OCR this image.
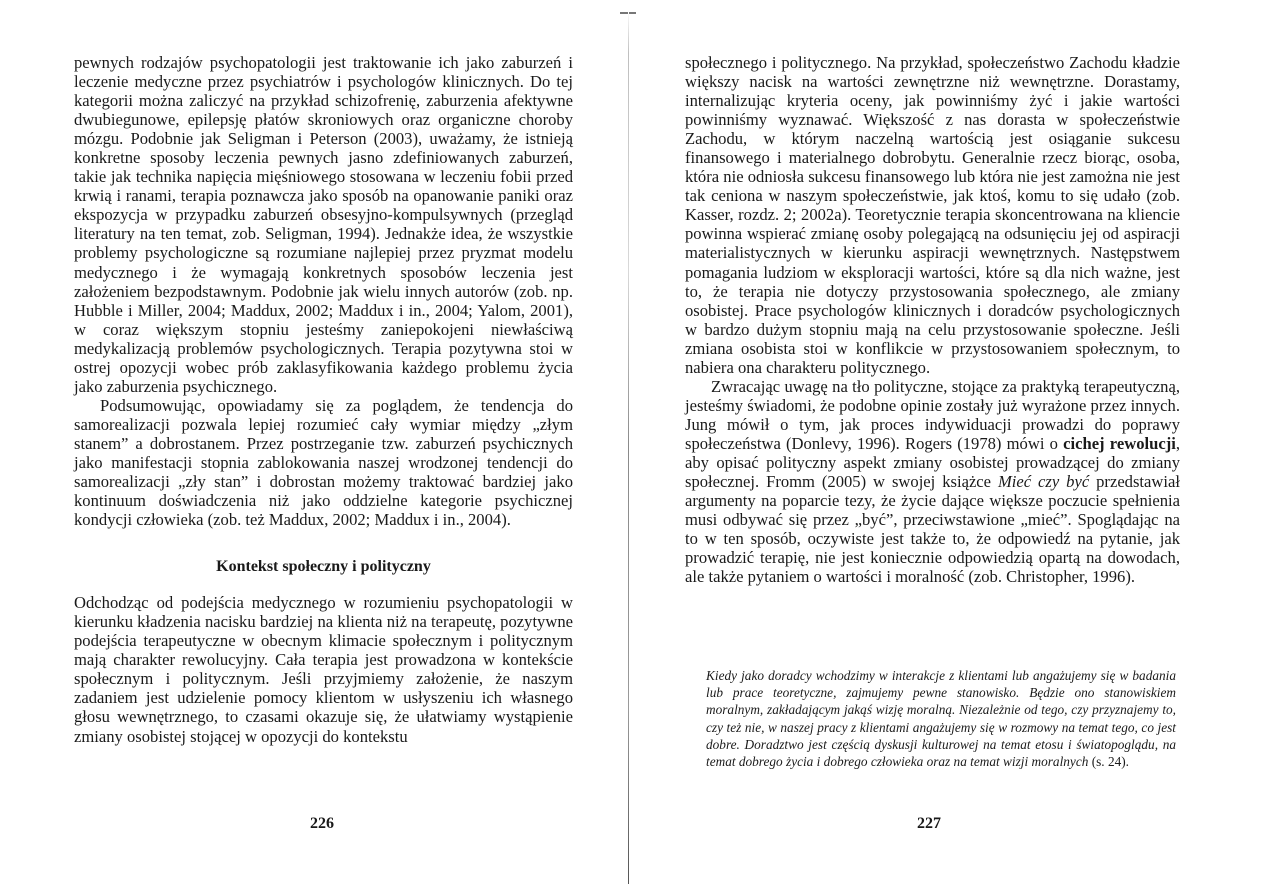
pewnych rodzajów psychopatologii jest traktowanie ich jako zaburzeń i leczenie medyczne przez psychiatrów i psychologów klinicznych. Do tej kategorii można zaliczyć na przykład schizofrenię, zaburzenia afektywne dwubiegunowe, epilepsję płatów skroniowych oraz organiczne choroby mózgu. Podobnie jak Seligman i Peterson (2003), uważamy, że istnieją konkretne sposoby leczenia pewnych jasno zdefiniowanych zaburzeń, takie jak technika napięcia mięśniowego stosowana w leczeniu fobii przed krwią i ranami, terapia poznawcza jako sposób na opanowanie paniki oraz ekspozycja w przypadku zaburzeń obsesyjno-kompulsywnych (przegląd literatury na ten temat, zob. Seligman, 1994). Jednakże idea, że wszystkie problemy psychologiczne są rozumiane najlepiej przez pryzmat modelu medycznego i że wymagają konkretnych sposobów leczenia jest założeniem bezpodstawnym. Podobnie jak wielu innych autorów (zob. np. Hubble i Miller, 2004; Maddux, 2002; Maddux i in., 2004; Yalom, 2001), w coraz większym stopniu jesteśmy zaniepokojeni niewłaściwą medykalizacją problemów psychologicznych. Terapia pozytywna stoi w ostrej opozycji wobec prób zaklasyfikowania każdego problemu życia jako zaburzenia psychicznego.

Podsumowując, opowiadamy się za poglądem, że tendencja do samorealizacji pozwala lepiej rozumieć cały wymiar między „złym stanem” a dobrostanem. Przez postrzeganie tzw. zaburzeń psychicznych jako manifestacji stopnia zablokowania naszej wrodzonej tendencji do samorealizacji „zły stan” i dobrostan możemy traktować bardziej jako kontinuum doświadczenia niż jako oddzielne kategorie psychicznej kondycji człowieka (zob. też Maddux, 2002; Maddux i in., 2004).

Kontekst społeczny i polityczny

Odchodząc od podejścia medycznego w rozumieniu psychopatologii w kierunku kładzenia nacisku bardziej na klienta niż na terapeutę, pozytywne podejścia terapeutyczne w obecnym klimacie społecznym i politycznym mają charakter rewolucyjny. Cała terapia jest prowadzona w kontekście społecznym i politycznym. Jeśli przyjmiemy założenie, że naszym zadaniem jest udzielenie pomocy klientom w usłyszeniu ich własnego głosu wewnętrznego, to czasami okazuje się, że ułatwiamy wystąpienie zmiany osobistej stojącej w opozycji do kontekstu

226

społecznego i politycznego. Na przykład, społeczeństwo Zachodu kładzie większy nacisk na wartości zewnętrzne niż wewnętrzne. Dorastamy, internalizując kryteria oceny, jak powinniśmy żyć i jakie wartości powinniśmy wyznawać. Większość z nas dorasta w społeczeństwie Zachodu, w którym naczelną wartością jest osiąganie sukcesu finansowego i materialnego dobrobytu. Generalnie rzecz biorąc, osoba, która nie odniosła sukcesu finansowego lub która nie jest zamożna nie jest tak ceniona w naszym społeczeństwie, jak ktoś, komu to się udało (zob. Kasser, rozdz. 2; 2002a). Teoretycznie terapia skoncentrowana na kliencie powinna wspierać zmianę osoby polegającą na odsunięciu jej od aspiracji materialistycznych w kierunku aspiracji wewnętrznych. Następstwem pomagania ludziom w eksploracji wartości, które są dla nich ważne, jest to, że terapia nie dotyczy przystosowania społecznego, ale zmiany osobistej. Prace psychologów klinicznych i doradców psychologicznych w bardzo dużym stopniu mają na celu przystosowanie społeczne. Jeśli zmiana osobista stoi w konflikcie w przystosowaniem społecznym, to nabiera ona charakteru politycznego.

Zwracając uwagę na tło polityczne, stojące za praktyką terapeutyczną, jesteśmy świadomi, że podobne opinie zostały już wyrażone przez innych. Jung mówił o tym, jak proces indywiduacji prowadzi do poprawy społeczeństwa (Donlevy, 1996). Rogers (1978) mówi o cichej rewolucji, aby opisać polityczny aspekt zmiany osobistej prowadzącej do zmiany społecznej. Fromm (2005) w swojej książce Mieć czy być przedstawiał argumenty na poparcie tezy, że życie dające większe poczucie spełnienia musi odbywać się przez „być”, przeciwstawione „mieć”. Spoglądając na to w ten sposób, oczywiste jest także to, że odpowiedź na pytanie, jak prowadzić terapię, nie jest koniecznie odpowiedzią opartą na dowodach, ale także pytaniem o wartości i moralność (zob. Christopher, 1996).

Kiedy jako doradcy wchodzimy w interakcje z klientami lub angażujemy się w badania lub prace teoretyczne, zajmujemy pewne stanowisko. Będzie ono stanowiskiem moralnym, zakładającym jakąś wizję moralną. Niezależnie od tego, czy przyznajemy to, czy też nie, w naszej pracy z klientami angażujemy się w rozmowy na temat tego, co jest dobre. Doradztwo jest częścią dyskusji kulturowej na temat etosu i światopoglądu, na temat dobrego życia i dobrego człowieka oraz na temat wizji moralnych (s. 24).
227
